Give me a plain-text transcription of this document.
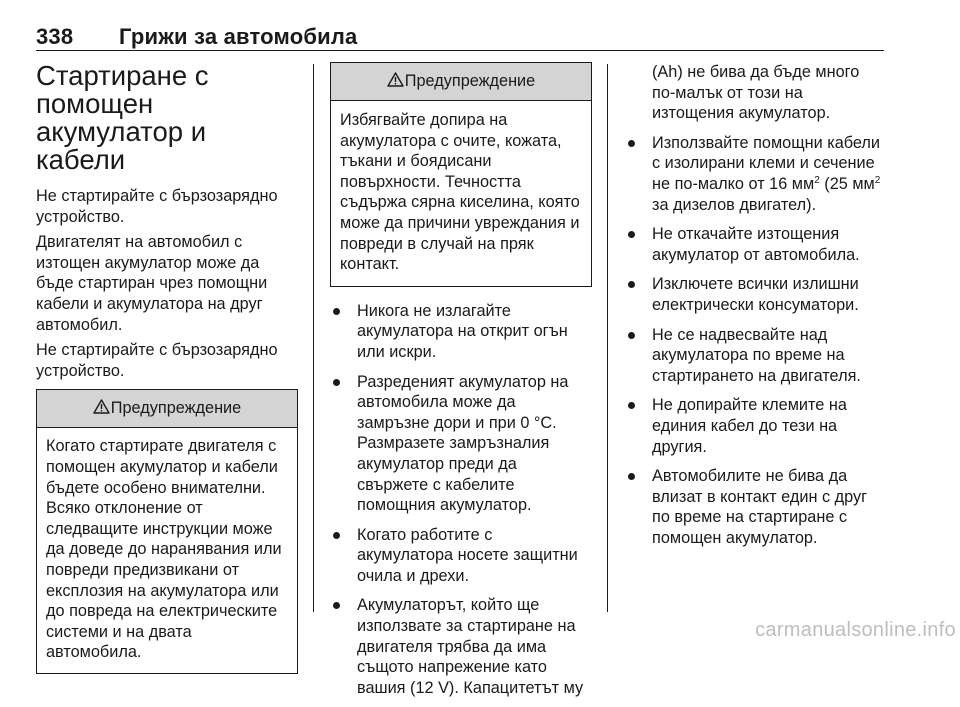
338 Грижи за автомобила
Стартиране с помощен акумулатор и кабели

Не стартирайте с бързозарядно устройство.

Двигателят на автомобил с изтощен акумулатор може да бъде стартиран чрез помощни кабели и акумулатора на друг автомобил.

Не стартирайте с бързозарядно устройство.

Предупреждение
Когато стартирате двигателя с помощен акумулатор и кабели бъдете особено внимателни. Всяко отклонение от следващите инструкции може да доведе до наранявания или повреди предизвикани от експлозия на акумулатора или до повреда на електрическите системи и на двата автомобила.
Предупреждение
Избягвайте допира на акумулатора с очите, кожата, тъкани и боядисани повърхности. Течността съдържа сярна киселина, която може да причини увреждания и повреди в случай на пряк контакт.
Никога не излагайте акумулатора на открит огън или искри.
Разреденият акумулатор на автомобила може да замръзне дори и при 0 °C. Размразете замръзналия акумулатор преди да свържете с кабелите помощния акумулатор.
Когато работите с акумулатора носете защитни очила и дрехи.
Акумулаторът, който ще използвате за стартиране на двигателя трябва да има същото напрежение като вашия (12 V). Капацитетът му

(Ah) не бива да бъде много по-малък от този на изтощения акумулатор.

Използвайте помощни кабели с изолирани клеми и сечение не по-малко от 16 $мм^2$ (25 $мм^2$ за дизелов двигател).
Не откачайте изтощения акумулатор от автомобила.
Изключете всички излишни електрически консуматори.
Не се надвесвайте над акумулатора по време на стартирането на двигателя.
Не допирайте клемите на единия кабел до тези на другия.
Автомобилите не бива да влизат в контакт един с друг по време на стартиране с помощен акумулатор.
carmanualsonline.info
